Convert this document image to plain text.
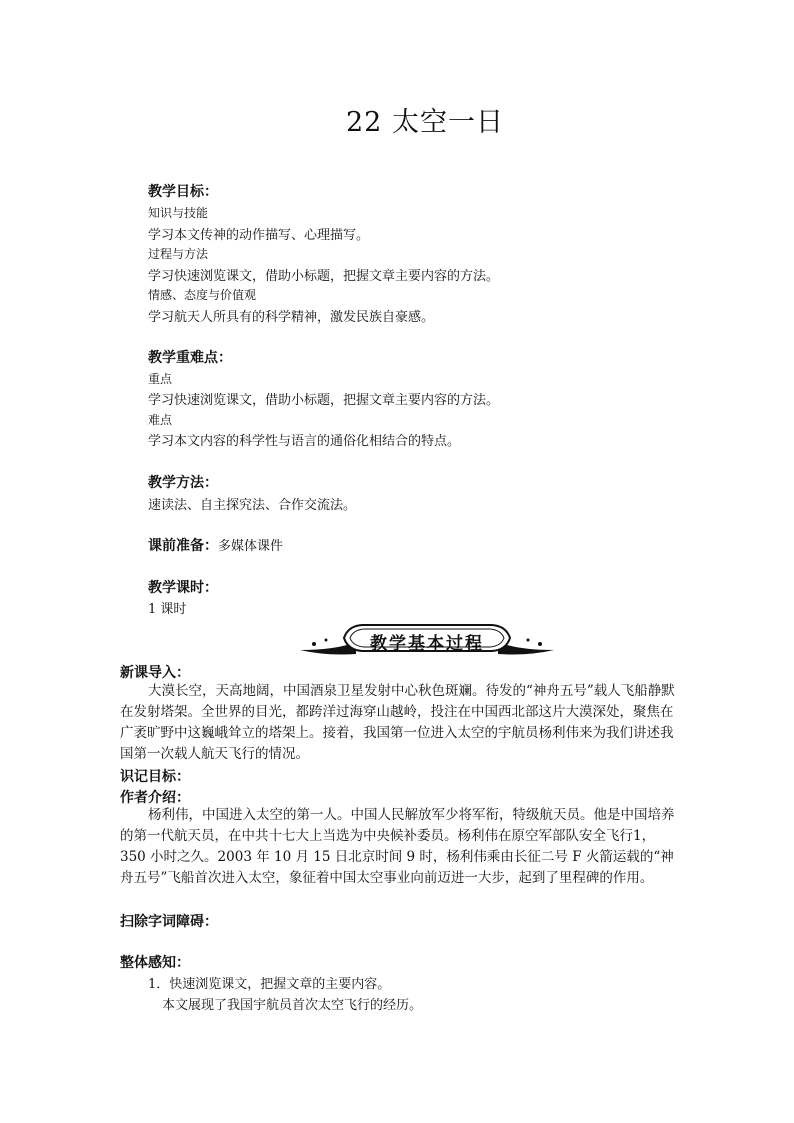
22 太空一日
教学目标：
知识与技能
学习本文传神的动作描写、心理描写。
过程与方法
学习快速浏览课文，借助小标题，把握文章主要内容的方法。
情感、态度与价值观
学习航天人所具有的科学精神，激发民族自豪感。
教学重难点：
重点
学习快速浏览课文，借助小标题，把握文章主要内容的方法。
难点
学习本文内容的科学性与语言的通俗化相结合的特点。
教学方法：
速读法、自主探究法、合作交流法。
课前准备：多媒体课件
教学课时：
1 课时
教学基本过程
新课导入：
大漠长空，天高地阔，中国酒泉卫星发射中心秋色斑斓。待发的“神舟五号”载人飞船静默在发射塔架。全世界的目光，都跨洋过海穿山越岭，投注在中国西北部这片大漠深处，聚焦在广袤旷野中这巍峨耸立的塔架上。接着，我国第一位进入太空的宇航员杨利伟来为我们讲述我国第一次载人航天飞行的情况。
识记目标：
作者介绍：
杨利伟，中国进入太空的第一人。中国人民解放军少将军衔，特级航天员。他是中国培养的第一代航天员，在中共十七大上当选为中央候补委员。杨利伟在原空军部队安全飞行1，350 小时之久。2003 年 10 月 15 日北京时间 9 时，杨利伟乘由长征二号 F 火箭运载的“神舟五号”飞船首次进入太空，象征着中国太空事业向前迈进一大步，起到了里程碑的作用。
扫除字词障碍：
整体感知：
1．快速浏览课文，把握文章的主要内容。
本文展现了我国宇航员首次太空飞行的经历。
